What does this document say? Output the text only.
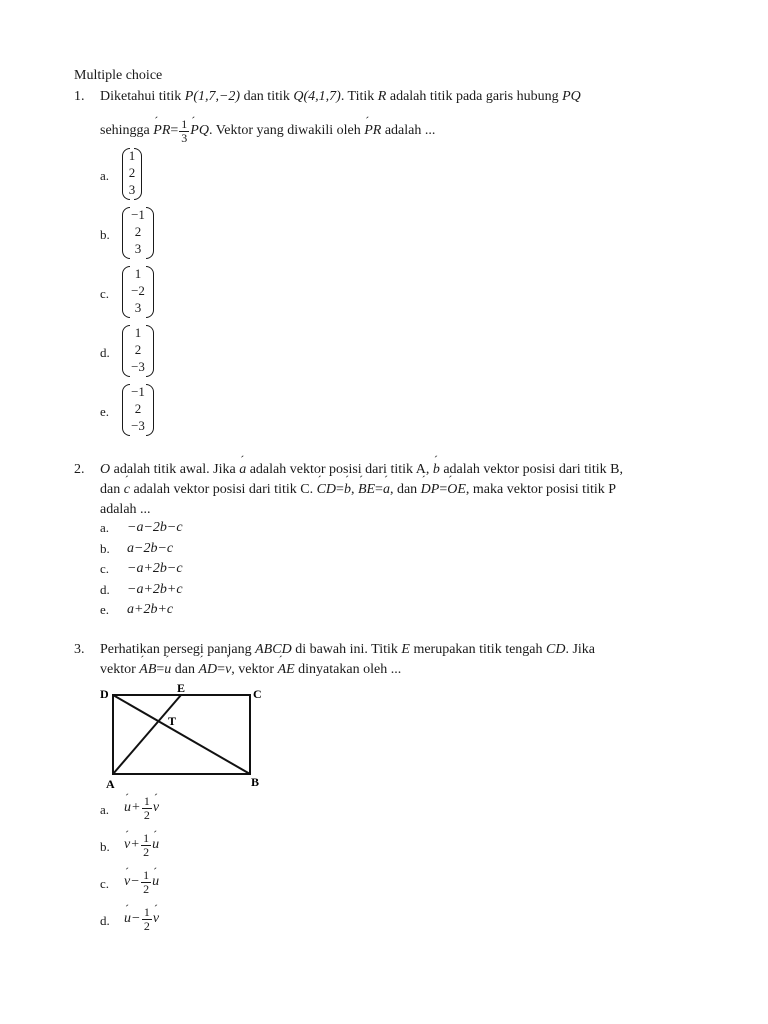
Multiple choice
1. Diketahui titik P(1,7,−2) dan titik Q(4,1,7). Titik R adalah titik pada garis hubung PQ
sehingga
´ PR = $\frac{1}{3}$ ´ PQ . Vektor yang diwakili oleh
´ PR
adalah ...
a.
1
2
3
b.
−1
2
3
c.
1
−2
3
d.
1
2
−3
e.
−1
2
−3
2. O adalah titik awal. Jika ´ a adalah vektor posisi dari titik A, ´ b adalah vektor posisi dari titik B,
dan ´ c adalah vektor posisi dari titik C. ´ CD=´ b, ´ BE=´ a, dan ´ DP=´ OE, maka vektor posisi titik P
adalah ...
a. −a−2b−c
b. a−2b−c
c. −a+2b−c
d. −a+2b+c
e. a+2b+c
3. Perhatikan persegi panjang ABCD di bawah ini. Titik E merupakan titik tengah CD. Jika
vektor ´ AB=´ u dan ´ AD=´ v, vektor ´ AE dinyatakan oleh ...
D	E	C
T
A	B
a. ´ $u + \frac{1}{2}$ ´ v
b. ´ $v + \frac{1}{2}$ ´ u
c. ´ $v - \frac{1}{2}$ ´ u
d. ´ $u - \frac{1}{2}$ ´ v
